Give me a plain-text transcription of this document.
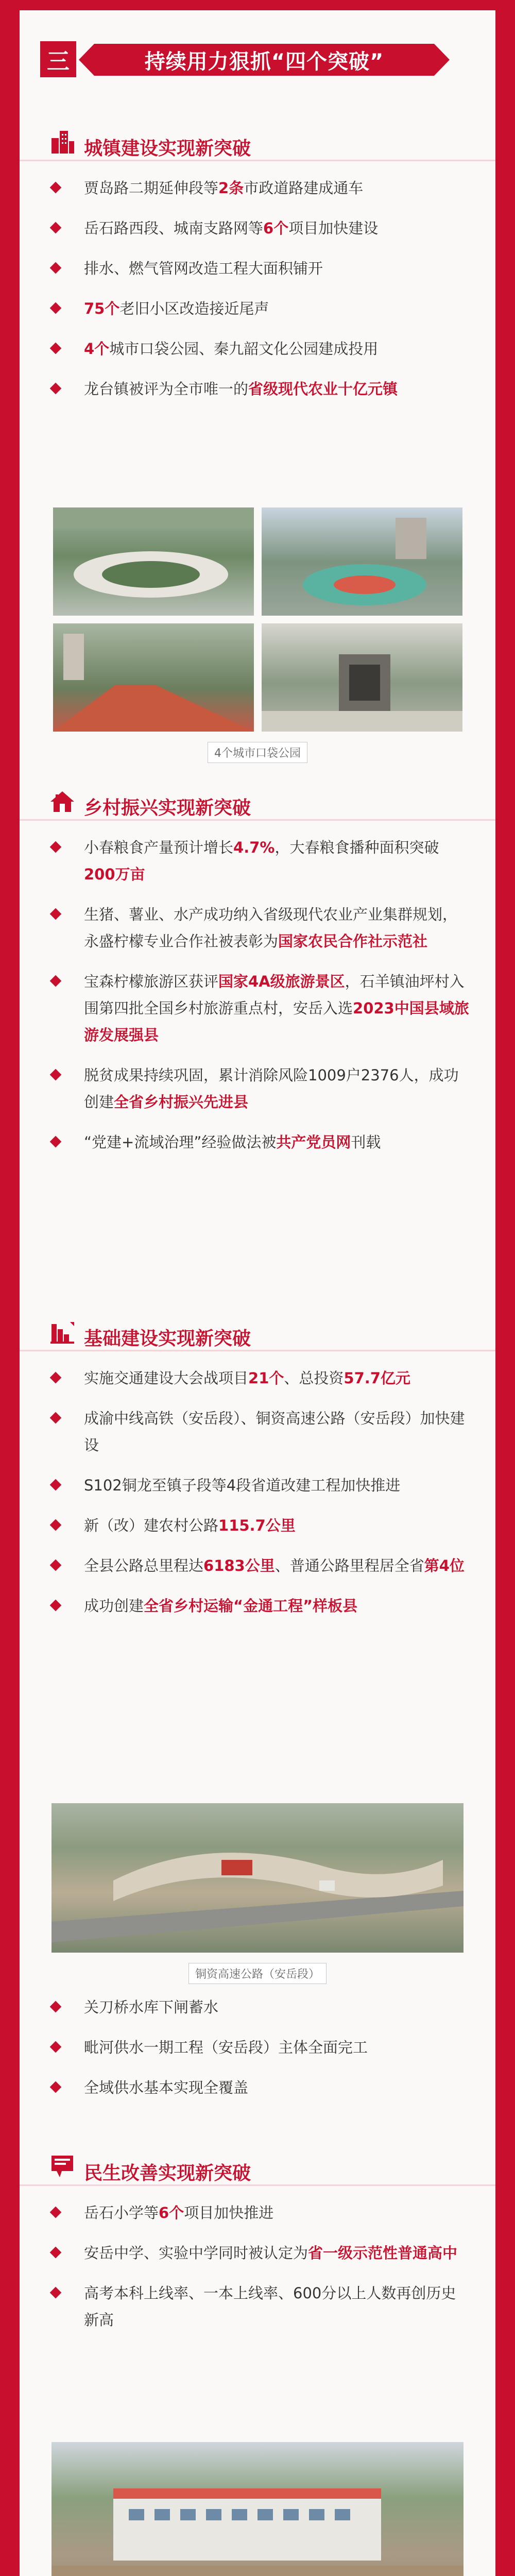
三	持续用力狠抓“四个突破”
城镇建设实现新突破
贾岛路二期延伸段等2条市政道路建成通车
岳石路西段、城南支路网等6个项目加快建设
排水、燃气管网改造工程大面积铺开
75个老旧小区改造接近尾声
4个城市口袋公园、秦九韶文化公园建成投用
龙台镇被评为全市唯一的省级现代农业十亿元镇
4个城市口袋公园
乡村振兴实现新突破
小春粮食产量预计增长4.7%，大春粮食播种面积突破200万亩
生猪、薯业、水产成功纳入省级现代农业产业集群规划，永盛柠檬专业合作社被表彰为国家农民合作社示范社
宝森柠檬旅游区获评国家4A级旅游景区，石羊镇油坪村入围第四批全国乡村旅游重点村，安岳入选2023中国县域旅游发展强县
脱贫成果持续巩固，累计消除风险1009户2376人，成功创建全省乡村振兴先进县
“党建+流域治理”经验做法被共产党员网刊载
基础建设实现新突破
实施交通建设大会战项目21个、总投资57.7亿元
成渝中线高铁（安岳段）、铜资高速公路（安岳段）加快建设
S102铜龙至镇子段等4段省道改建工程加快推进
新（改）建农村公路115.7公里
全县公路总里程达6183公里、普通公路里程居全省第4位
成功创建全省乡村运输“金通工程”样板县
铜资高速公路（安岳段）
关刀桥水库下闸蓄水
毗河供水一期工程（安岳段）主体全面完工
全域供水基本实现全覆盖
民生改善实现新突破
岳石小学等6个项目加快推进
安岳中学、实验中学同时被认定为省一级示范性普通高中
高考本科上线率、一本上线率、600分以上人数再创历史新高
